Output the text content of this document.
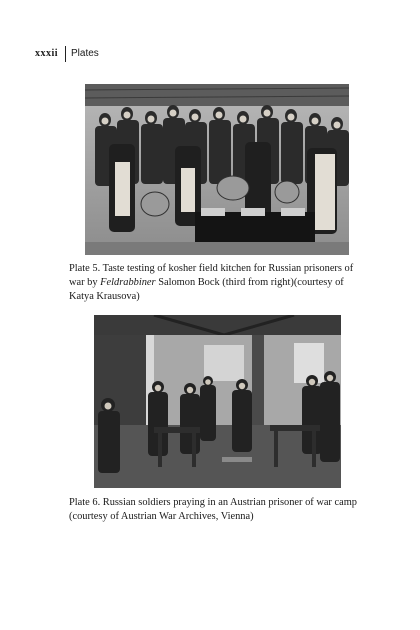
xxxii Plates
Plate 5. Taste testing of kosher field kitchen for Russian prisoners of war by Feldrabbiner Salomon Bock (third from right)(courtesy of Katya Krausova)
Plate 6. Russian soldiers praying in an Austrian prisoner of war camp (courtesy of Austrian War Archives, Vienna)
